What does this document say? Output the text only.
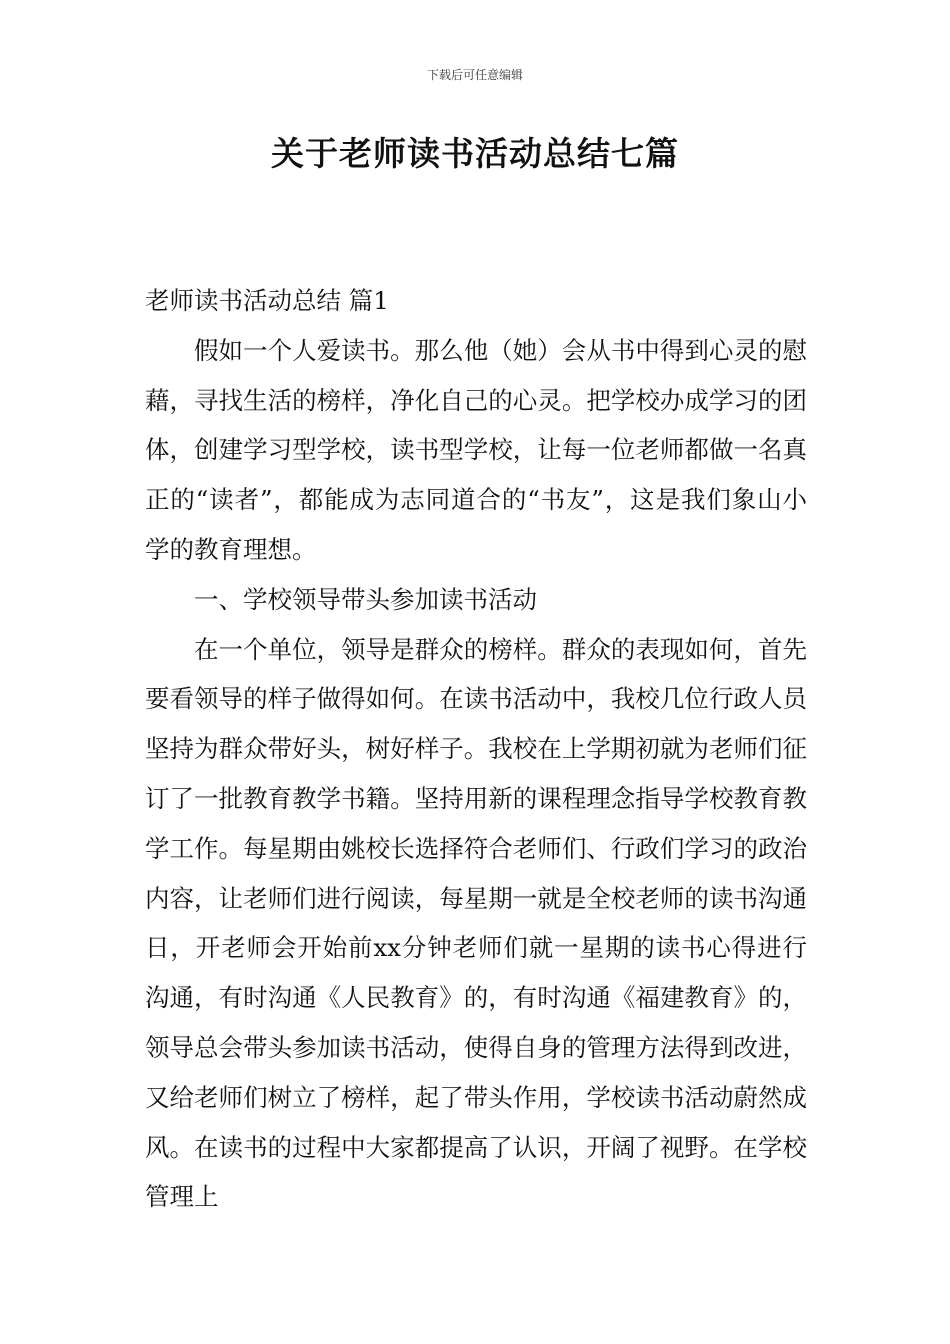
下载后可任意编辑
关于老师读书活动总结七篇
老师读书活动总结 篇1

假如一个人爱读书。那么他（她）会从书中得到心灵的慰藉，寻找生活的榜样，净化自己的心灵。把学校办成学习的团体，创建学习型学校，读书型学校，让每一位老师都做一名真正的“读者”，都能成为志同道合的“书友”，这是我们象山小学的教育理想。

一、学校领导带头参加读书活动

在一个单位，领导是群众的榜样。群众的表现如何，首先要看领导的样子做得如何。在读书活动中，我校几位行政人员坚持为群众带好头，树好样子。我校在上学期初就为老师们征订了一批教育教学书籍。坚持用新的课程理念指导学校教育教学工作。每星期由姚校长选择符合老师们、行政们学习的政治内容，让老师们进行阅读，每星期一就是全校老师的读书沟通日，开老师会开始前xx分钟老师们就一星期的读书心得进行沟通，有时沟通《人民教育》的，有时沟通《福建教育》的，领导总会带头参加读书活动，使得自身的管理方法得到改进，又给老师们树立了榜样，起了带头作用，学校读书活动蔚然成风。在读书的过程中大家都提高了认识，开阔了视野。在学校管理上
